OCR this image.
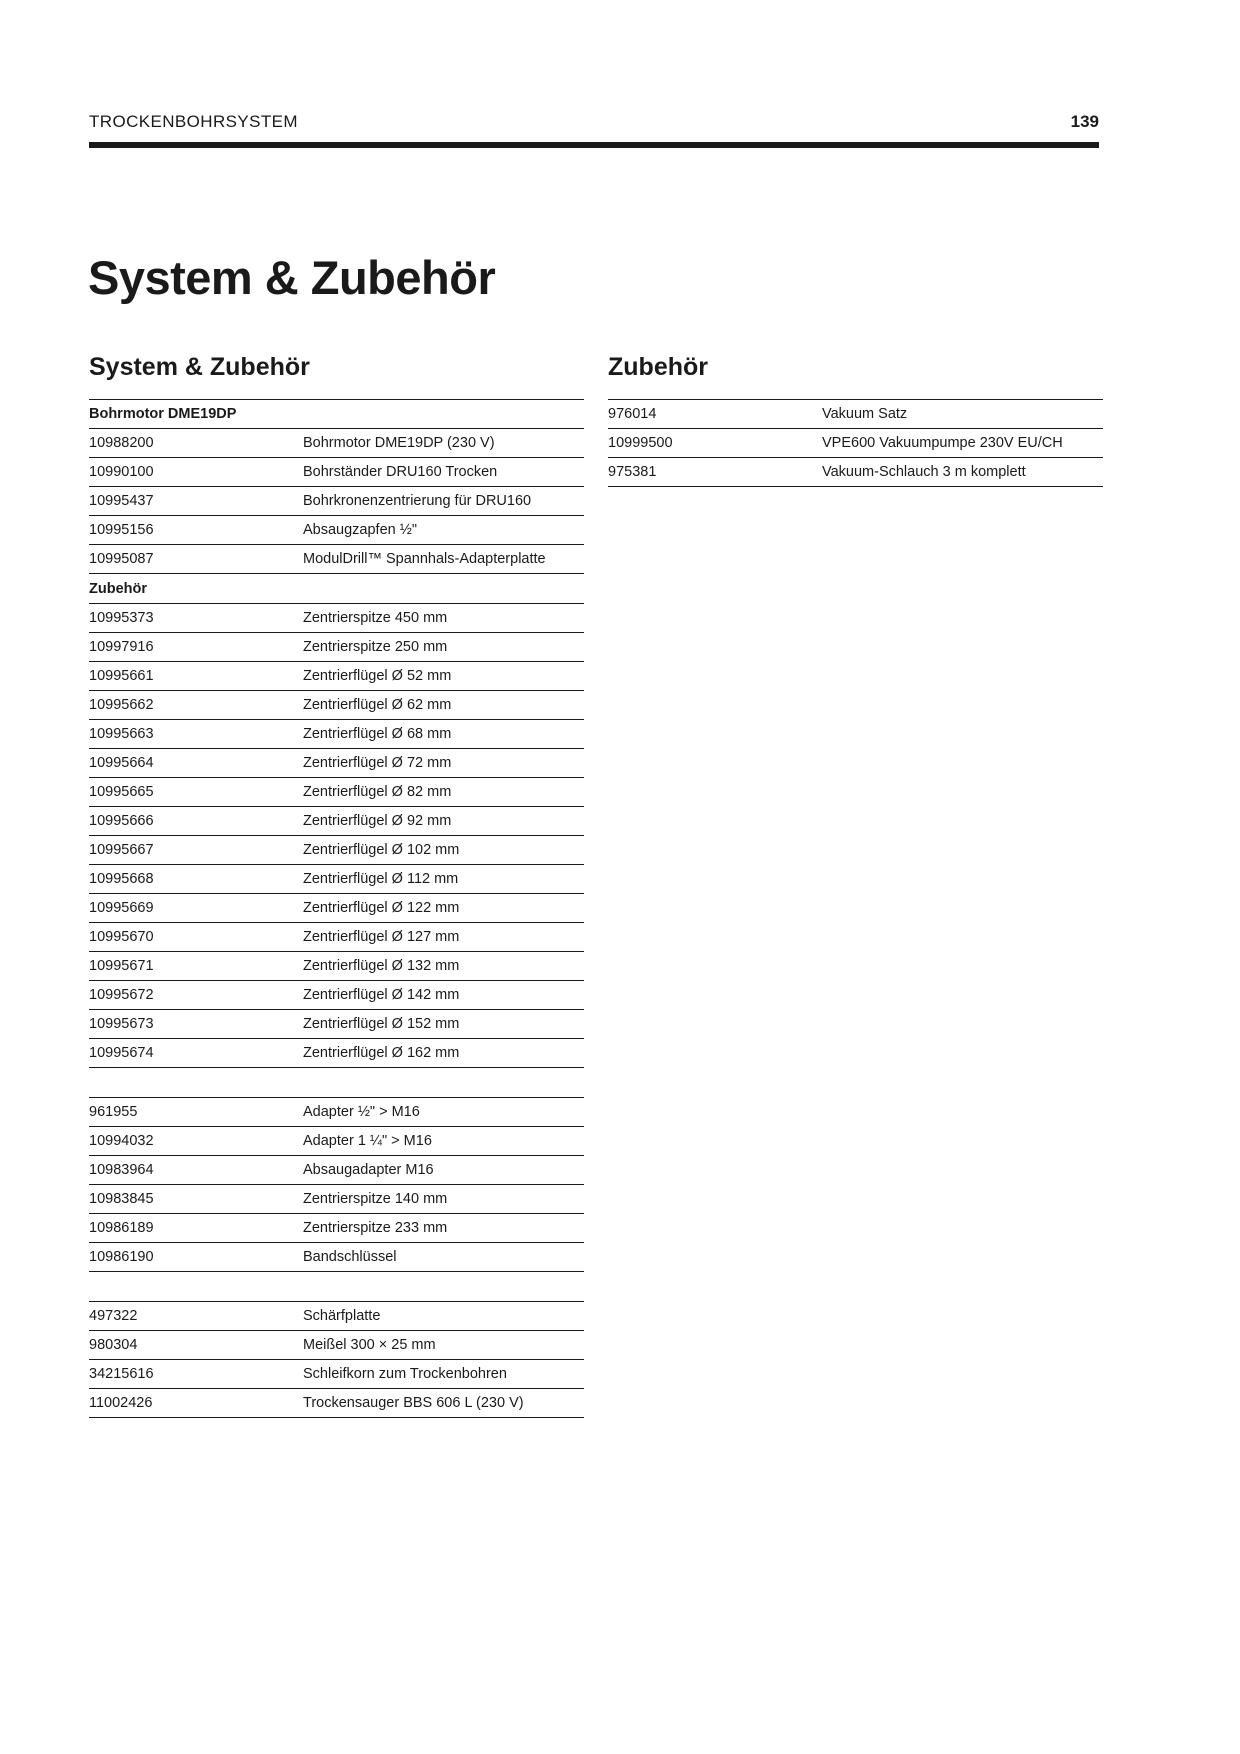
TROCKENBOHRSYSTEM	139
System & Zubehör
System & Zubehör
Bohrmotor DME19DP
10988200	Bohrmotor DME19DP (230 V)
10990100	Bohrständer DRU160 Trocken
10995437	Bohrkronenzentrierung für DRU160
10995156	Absaugzapfen ½"
10995087	ModulDrill™ Spannhals-Adapterplatte
Zubehör
10995373	Zentrierspitze 450 mm
10997916	Zentrierspitze 250 mm
10995661	Zentrierflügel Ø 52 mm
10995662	Zentrierflügel Ø 62 mm
10995663	Zentrierflügel Ø 68 mm
10995664	Zentrierflügel Ø 72 mm
10995665	Zentrierflügel Ø 82 mm
10995666	Zentrierflügel Ø 92 mm
10995667	Zentrierflügel Ø 102 mm
10995668	Zentrierflügel Ø 112 mm
10995669	Zentrierflügel Ø 122 mm
10995670	Zentrierflügel Ø 127 mm
10995671	Zentrierflügel Ø 132 mm
10995672	Zentrierflügel Ø 142 mm
10995673	Zentrierflügel Ø 152 mm
10995674	Zentrierflügel Ø 162 mm
961955	Adapter ½" > M16
10994032	Adapter 1 ¼" > M16
10983964	Absaugadapter M16
10983845	Zentrierspitze 140 mm
10986189	Zentrierspitze 233 mm
10986190	Bandschlüssel
497322	Schärfplatte
980304	Meißel 300 × 25 mm
34215616	Schleifkorn zum Trockenbohren
11002426	Trockensauger BBS 606 L (230 V)
Zubehör
976014	Vakuum Satz
10999500	VPE600 Vakuumpumpe 230V EU/CH
975381	Vakuum-Schlauch 3 m komplett
